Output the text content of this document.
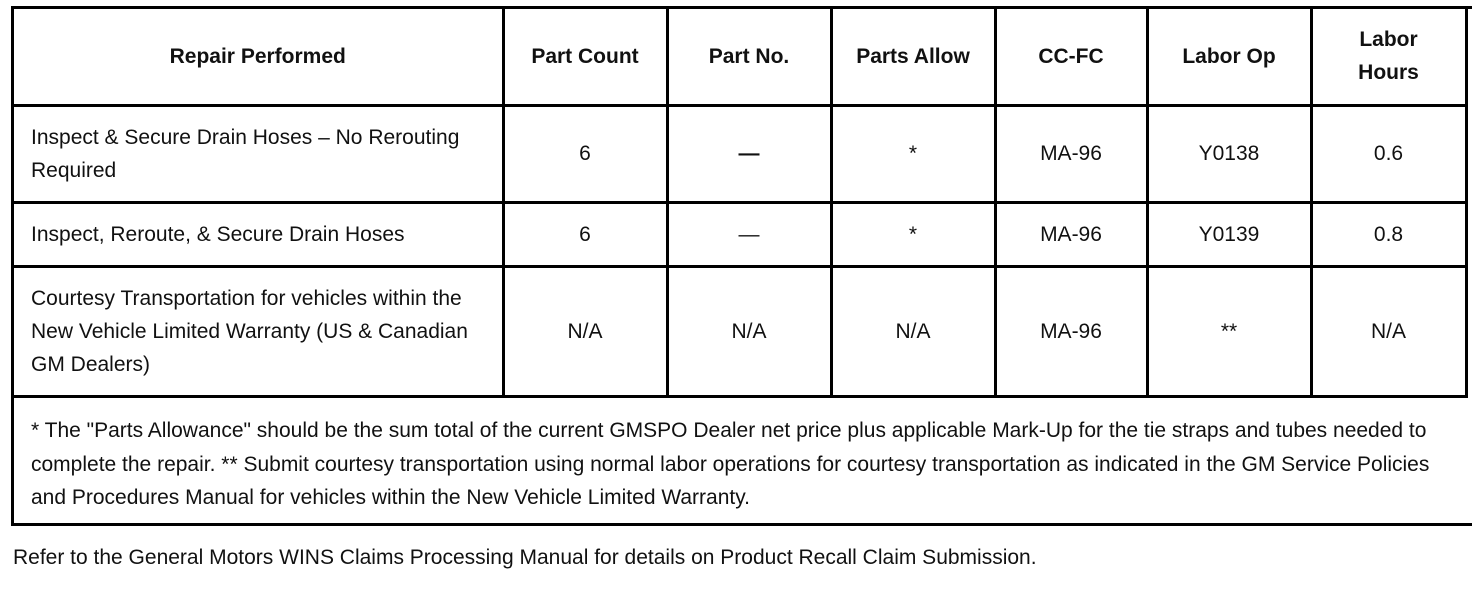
Repair Performed	Part Count	Part No.	Parts Allow	CC-FC	Labor Op	Labor
Hours

Inspect & Secure Drain Hoses – No Rerouting
Required	6	—	*	MA-96	Y0138	0.6
Inspect, Reroute, & Secure Drain Hoses	6	—	*	MA-96	Y0139	0.8

Courtesy Transportation for vehicles within the
New Vehicle Limited Warranty (US & Canadian
GM Dealers)	N/A	N/A	N/A	MA-96	**	N/A
* The "Parts Allowance" should be the sum total of the current GMSPO Dealer net price plus applicable Mark-Up for the tie straps and tubes needed to
complete the repair. ** Submit courtesy transportation using normal labor operations for courtesy transportation as indicated in the GM Service Policies
and Procedures Manual for vehicles within the New Vehicle Limited Warranty.
Refer to the General Motors WINS Claims Processing Manual for details on Product Recall Claim Submission.
